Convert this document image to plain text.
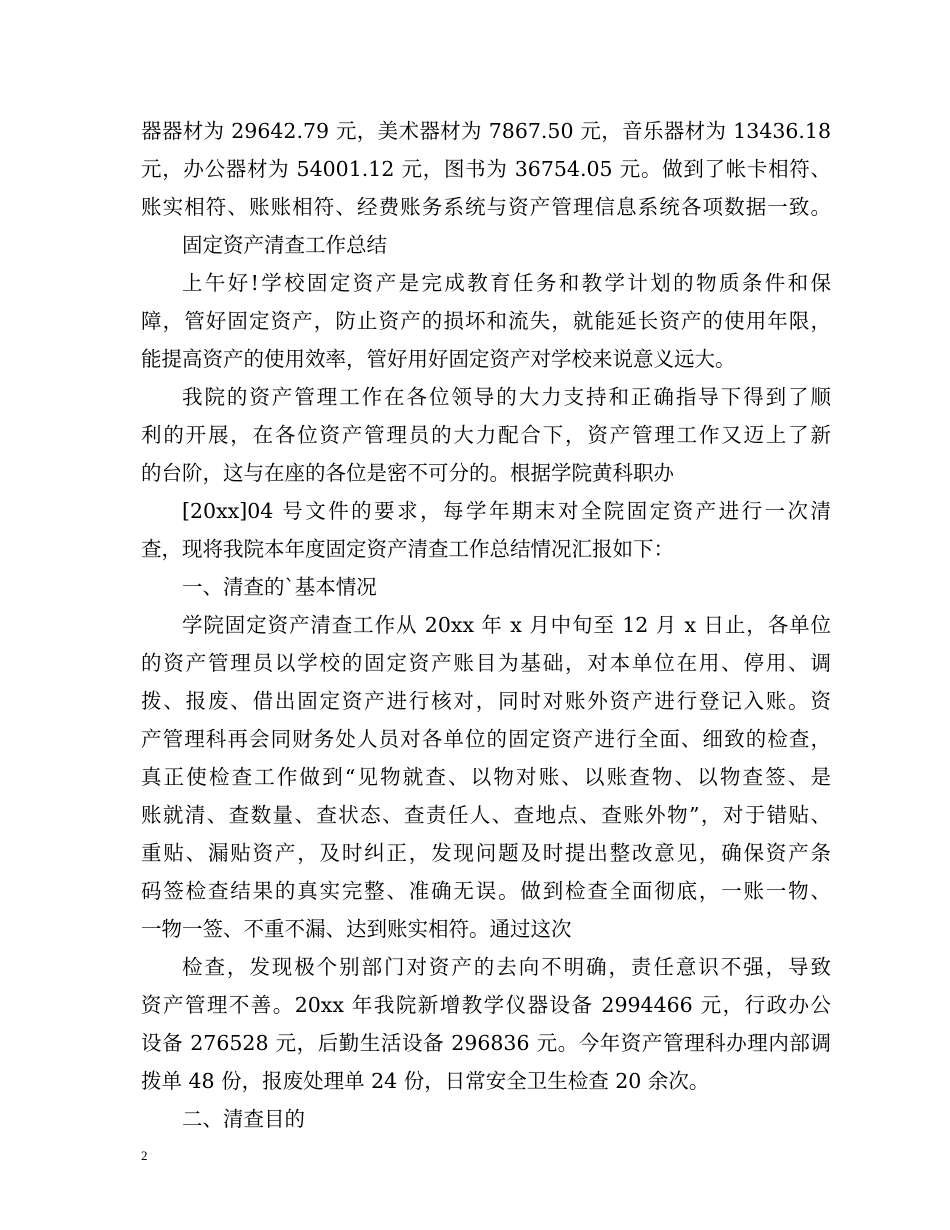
器器材为 29642.79 元，美术器材为 7867.50 元，音乐器材为 13436.18
元，办公器材为 54001.12 元，图书为 36754.05 元。做到了帐卡相符、
账实相符、账账相符、经费账务系统与资产管理信息系统各项数据一致。
固定资产清查工作总结
上午好!学校固定资产是完成教育任务和教学计划的物质条件和保
障，管好固定资产，防止资产的损坏和流失，就能延长资产的使用年限，
能提高资产的使用效率，管好用好固定资产对学校来说意义远大。
我院的资产管理工作在各位领导的大力支持和正确指导下得到了顺
利的开展，在各位资产管理员的大力配合下，资产管理工作又迈上了新
的台阶，这与在座的各位是密不可分的。根据学院黄科职办
[20xx]04 号文件的要求，每学年期末对全院固定资产进行一次清
查，现将我院本年度固定资产清查工作总结情况汇报如下：
一、清查的`基本情况
学院固定资产清查工作从 20xx 年 x 月中旬至 12 月 x 日止，各单位
的资产管理员以学校的固定资产账目为基础，对本单位在用、停用、调
拨、报废、借出固定资产进行核对，同时对账外资产进行登记入账。资
产管理科再会同财务处人员对各单位的固定资产进行全面、细致的检查，
真正使检查工作做到“见物就查、以物对账、以账查物、以物查签、是
账就清、查数量、查状态、查责任人、查地点、查账外物”，对于错贴、
重贴、漏贴资产，及时纠正，发现问题及时提出整改意见，确保资产条
码签检查结果的真实完整、准确无误。做到检查全面彻底，一账一物、
一物一签、不重不漏、达到账实相符。通过这次
检查，发现极个别部门对资产的去向不明确，责任意识不强，导致
资产管理不善。20xx 年我院新增教学仪器设备 2994466 元，行政办公
设备 276528 元，后勤生活设备 296836 元。今年资产管理科办理内部调
拨单 48 份，报废处理单 24 份，日常安全卫生检查 20 余次。
二、清查目的
2
